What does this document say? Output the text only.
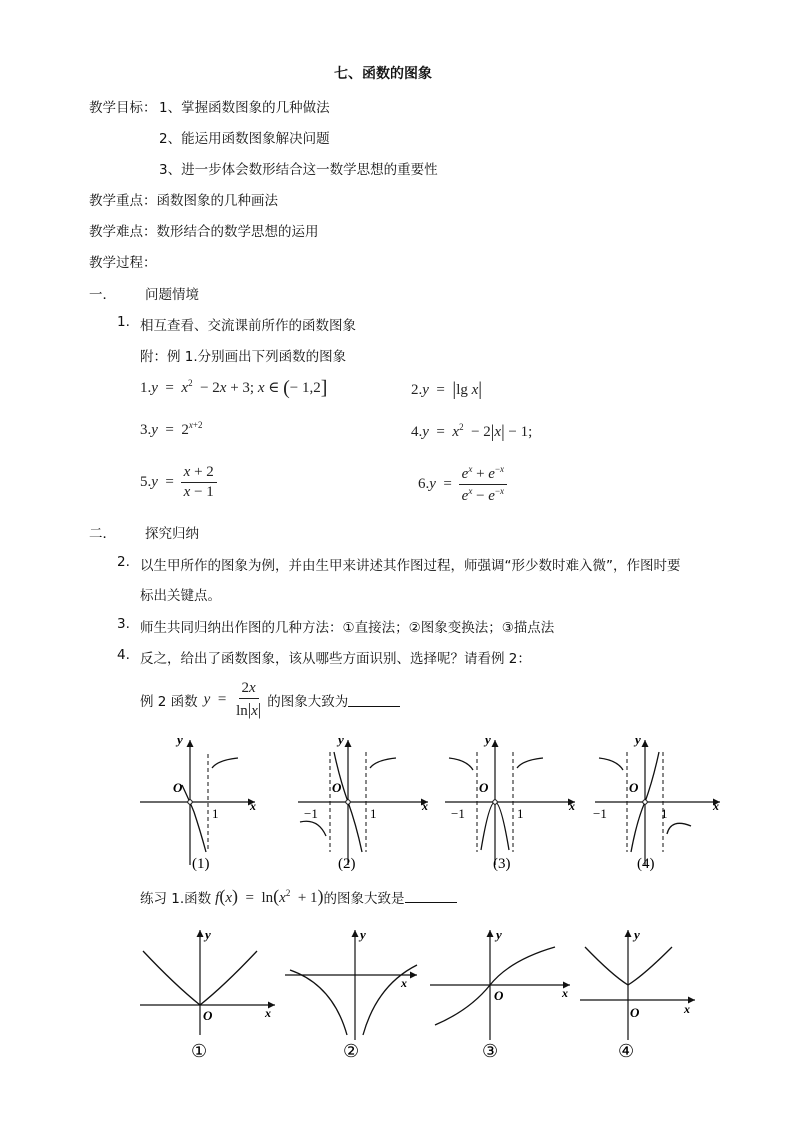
七、函数的图象
教学目标： 1、掌握函数图象的几种做法
2、能运用函数图象解决问题
3、进一步体会数形结合这一数学思想的重要性
教学重点：函数图象的几种画法
教学难点：数形结合的数学思想的运用
教学过程：
一． 问题情境
1. 相互查看、交流课前所作的函数图象
附：例 1.分别画出下列函数的图象
$1.y = x^2 - 2x + 3$; x ∈ (− 1,2]	2.y  =  |lg x|
$3.y = 2^{x+2}$	$4.y = x^2 - 2|x| - 1$;
$5.y = \frac{x + 2}{x - 1}$	$6.y = \frac{e^x + e^{-x}}{e^x - e^{-x}}$
二． 探究归纳
2. 以生甲所作的图象为例，并由生甲来讲述其作图过程，师强调“形少数时难入微”，作图时要
标出关键点。
3. 师生共同归纳出作图的几种方法：①直接法；②图象变换法；③描点法
4. 反之，给出了函数图象，该从哪些方面识别、选择呢？请看例 2：
例 2 函数 $y = \frac{2x}{\ln|x|}$ 的图象大致为
y
O
1	x
(1)
y
O
−1	1	x
(2)
y
O
−1	1	x
(3)
y
O
−1	1	x
(4)
练习 1.函数 $f(x) = \ln(x^2 + 1)$ 的图象大致是
y
O	x
①
y
x
②
y
O	x
③
y
O	x
④
